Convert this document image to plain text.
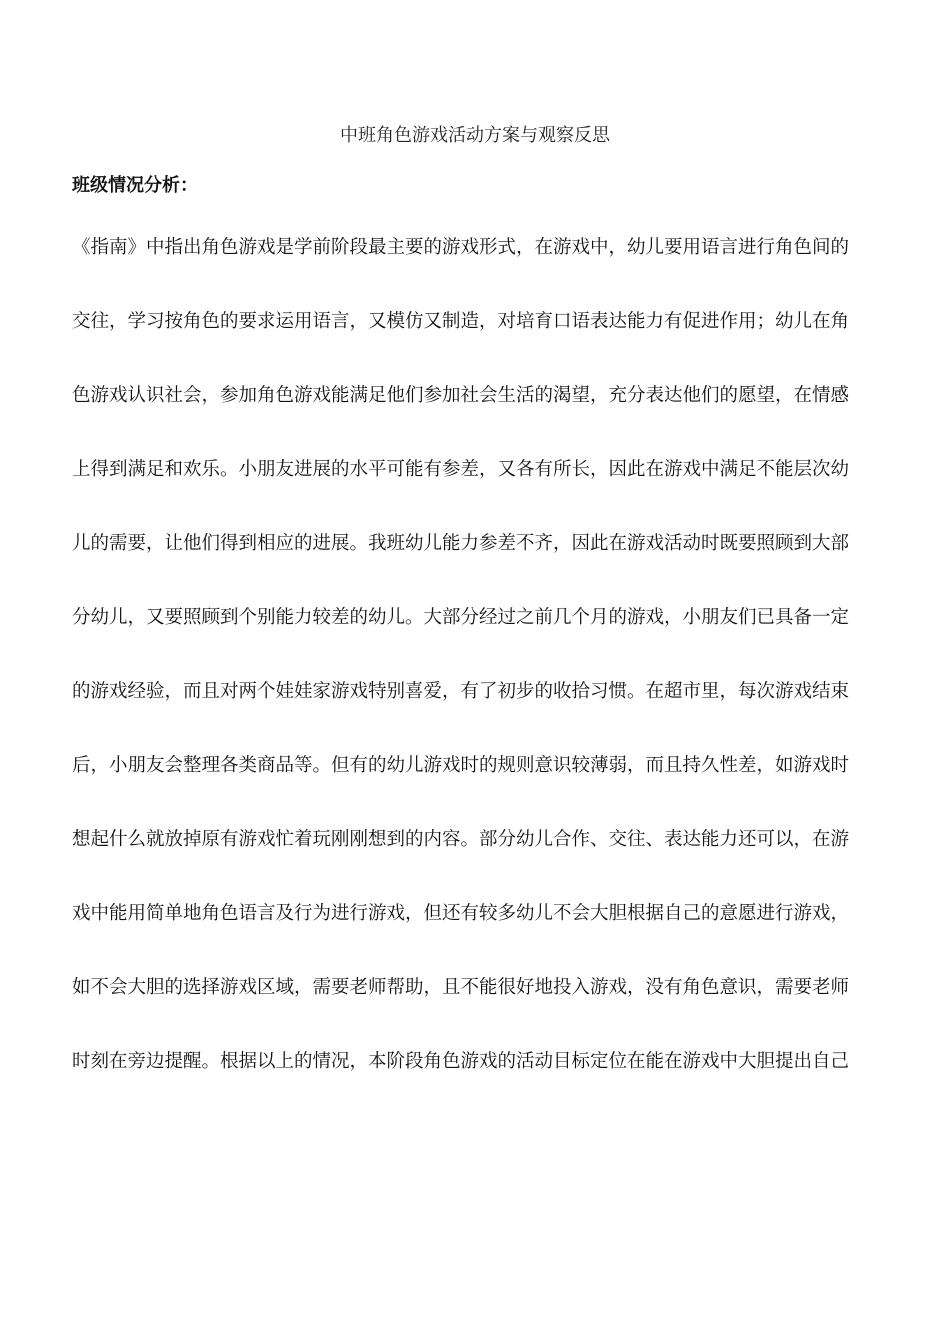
中班角色游戏活动方案与观察反思
班级情况分析：
《指南》中指出角色游戏是学前阶段最主要的游戏形式，在游戏中，幼儿要用语言进行角色间的
交往，学习按角色的要求运用语言，又模仿又制造，对培育口语表达能力有促进作用；幼儿在角
色游戏认识社会，参加角色游戏能满足他们参加社会生活的渴望，充分表达他们的愿望，在情感
上得到满足和欢乐。小朋友进展的水平可能有参差，又各有所长，因此在游戏中满足不能层次幼
儿的需要，让他们得到相应的进展。我班幼儿能力参差不齐，因此在游戏活动时既要照顾到大部
分幼儿，又要照顾到个别能力较差的幼儿。大部分经过之前几个月的游戏，小朋友们已具备一定
的游戏经验，而且对两个娃娃家游戏特别喜爱，有了初步的收拾习惯。在超市里，每次游戏结束
后，小朋友会整理各类商品等。但有的幼儿游戏时的规则意识较薄弱，而且持久性差，如游戏时
想起什么就放掉原有游戏忙着玩刚刚想到的内容。部分幼儿合作、交往、表达能力还可以，在游
戏中能用简单地角色语言及行为进行游戏，但还有较多幼儿不会大胆根据自己的意愿进行游戏，
如不会大胆的选择游戏区域，需要老师帮助，且不能很好地投入游戏，没有角色意识，需要老师
时刻在旁边提醒。根据以上的情况，本阶段角色游戏的活动目标定位在能在游戏中大胆提出自己
